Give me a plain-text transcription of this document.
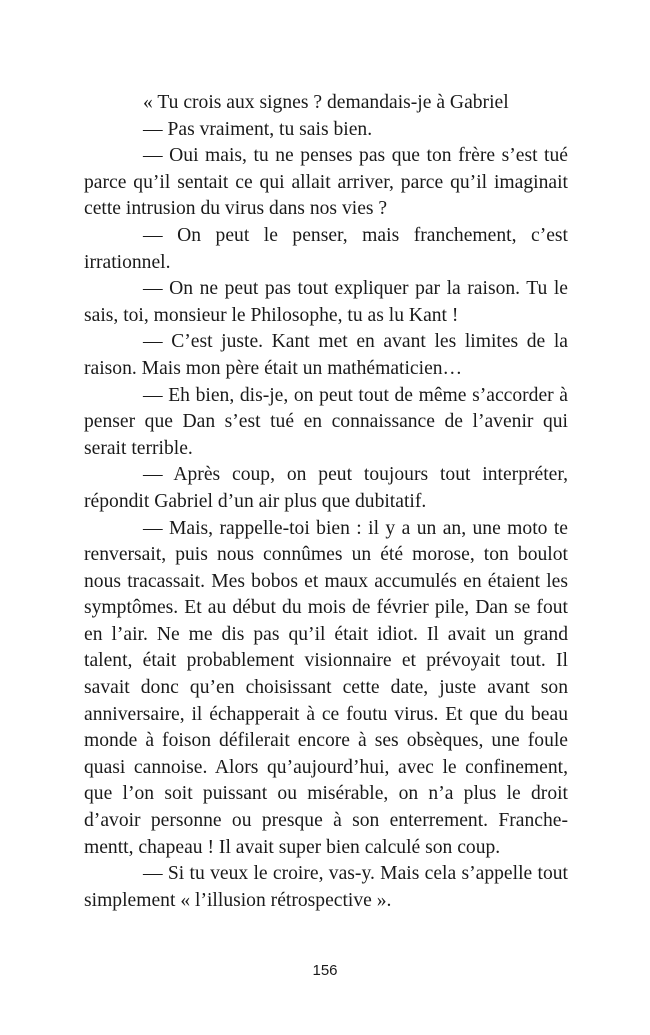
« Tu crois aux signes ? demandais-je à Gabriel

— Pas vraiment, tu sais bien.

— Oui mais, tu ne penses pas que ton frère s’est tué parce qu’il sentait ce qui allait arriver, parce qu’il imaginait cette intrusion du virus dans nos vies ?

— On peut le penser, mais franchement, c’est irrationnel.

— On ne peut pas tout expliquer par la raison. Tu le sais, toi, monsieur le Philosophe, tu as lu Kant !

— C’est juste. Kant met en avant les limites de la raison. Mais mon père était un mathématicien…

— Eh bien, dis-je, on peut tout de même s’accorder à penser que Dan s’est tué en connaissance de l’avenir qui serait terrible.

— Après coup, on peut toujours tout interpréter, répondit Gabriel d’un air plus que dubitatif.

— Mais, rappelle-toi bien : il y a un an, une moto te renversait, puis nous connûmes un été morose, ton boulot nous tracassait. Mes bobos et maux accumulés en étaient les symptômes. Et au début du mois de février pile, Dan se fout en l’air. Ne me dis pas qu’il était idiot. Il avait un grand talent, était probablement visionnaire et prévoyait tout. Il savait donc qu’en choisissant cette date, juste avant son anniversaire, il échapperait à ce foutu virus. Et que du beau monde à foison défilerait encore à ses obsèques, une foule quasi cannoise. Alors qu’aujourd’hui, avec le confinement, que l’on soit puissant ou misérable, on n’a plus le droit d’avoir personne ou presque à son enterrement. Franchementt, chapeau ! Il avait super bien calculé son coup.

— Si tu veux le croire, vas-y. Mais cela s’appelle tout simplement « l’illusion rétrospective ».

156
